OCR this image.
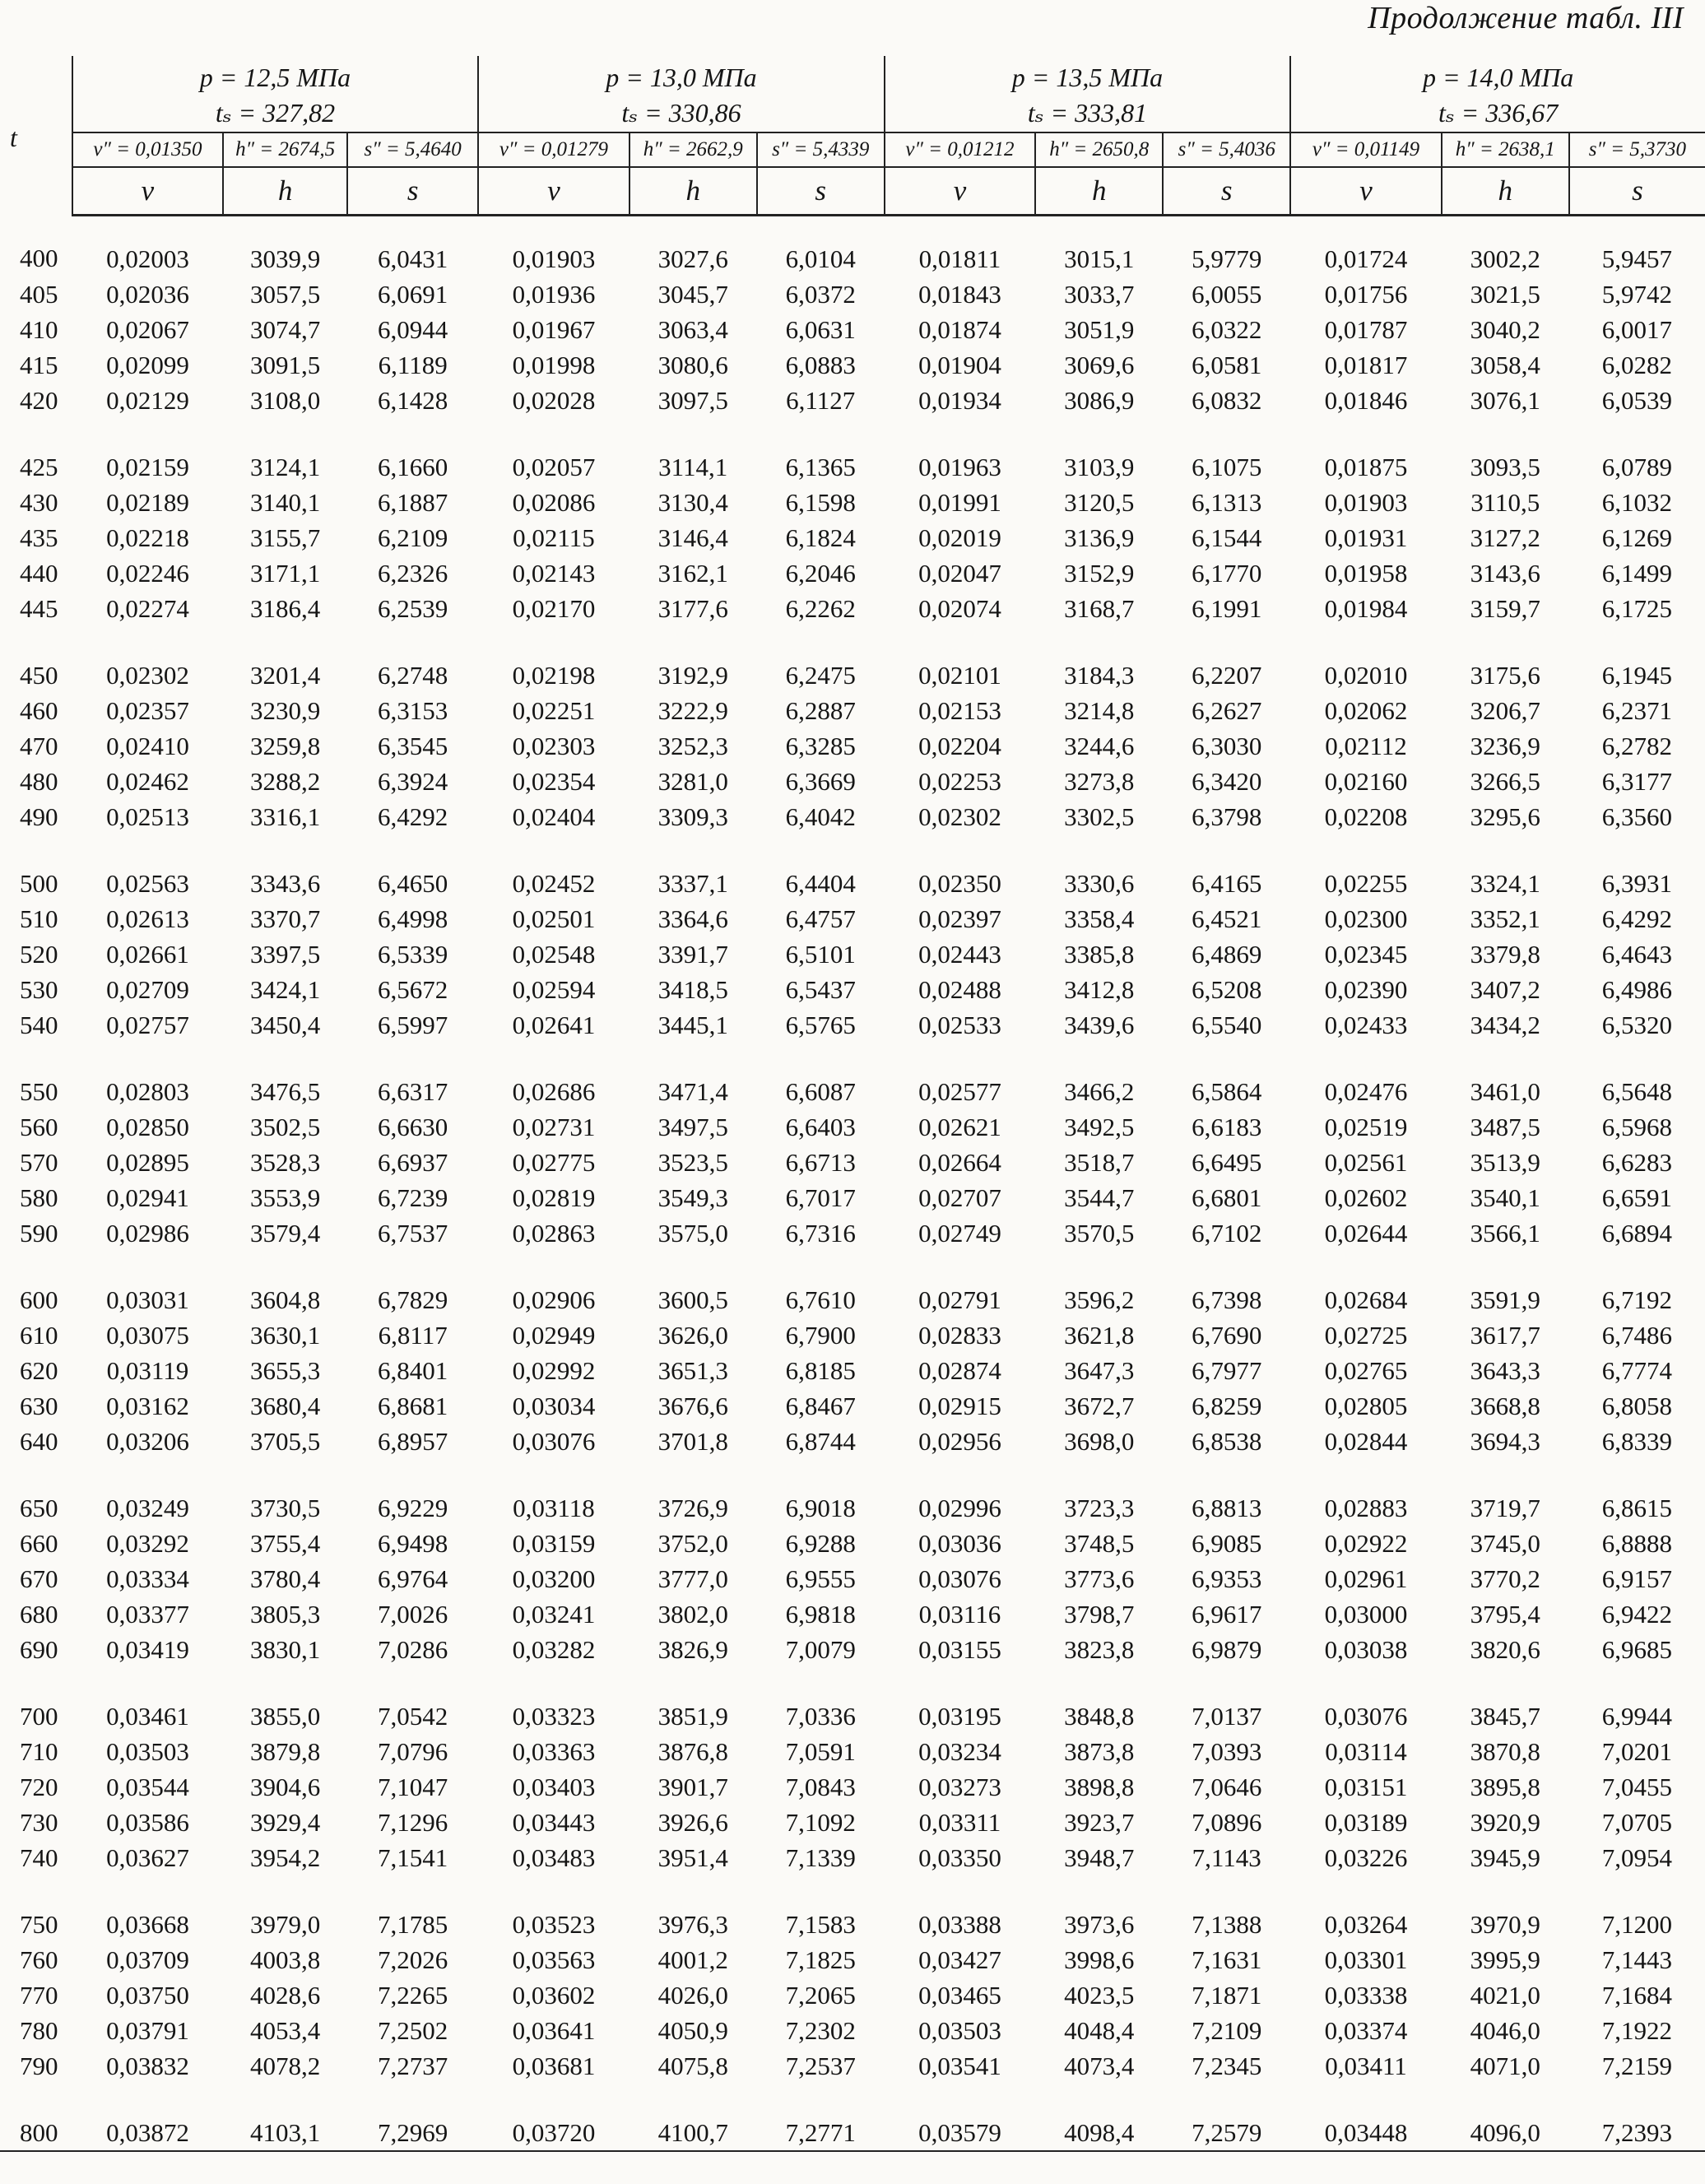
Продолжение табл. III
t	p = 12,5 МПа			p = 13,0 МПа			p = 13,5 МПа			p = 14,0 МПа		
	tₛ = 327,82			tₛ = 330,86			tₛ = 333,81			tₛ = 336,67		
	v″ = 0,01350	h″ = 2674,5	s″ = 5,4640	v″ = 0,01279	h″ = 2662,9	s″ = 5,4339	v″ = 0,01212	h″ = 2650,8	s″ = 5,4036	v″ = 0,01149	h″ = 2638,1	s″ = 5,3730
	v	h	s	v	h	s	v	h	s	v	h	s
400	0,02003	3039,9	6,0431	0,01903	3027,6	6,0104	0,01811	3015,1	5,9779	0,01724	3002,2	5,9457
405	0,02036	3057,5	6,0691	0,01936	3045,7	6,0372	0,01843	3033,7	6,0055	0,01756	3021,5	5,9742
410	0,02067	3074,7	6,0944	0,01967	3063,4	6,0631	0,01874	3051,9	6,0322	0,01787	3040,2	6,0017
415	0,02099	3091,5	6,1189	0,01998	3080,6	6,0883	0,01904	3069,6	6,0581	0,01817	3058,4	6,0282
420	0,02129	3108,0	6,1428	0,02028	3097,5	6,1127	0,01934	3086,9	6,0832	0,01846	3076,1	6,0539
425	0,02159	3124,1	6,1660	0,02057	3114,1	6,1365	0,01963	3103,9	6,1075	0,01875	3093,5	6,0789
430	0,02189	3140,1	6,1887	0,02086	3130,4	6,1598	0,01991	3120,5	6,1313	0,01903	3110,5	6,1032
435	0,02218	3155,7	6,2109	0,02115	3146,4	6,1824	0,02019	3136,9	6,1544	0,01931	3127,2	6,1269
440	0,02246	3171,1	6,2326	0,02143	3162,1	6,2046	0,02047	3152,9	6,1770	0,01958	3143,6	6,1499
445	0,02274	3186,4	6,2539	0,02170	3177,6	6,2262	0,02074	3168,7	6,1991	0,01984	3159,7	6,1725
450	0,02302	3201,4	6,2748	0,02198	3192,9	6,2475	0,02101	3184,3	6,2207	0,02010	3175,6	6,1945
460	0,02357	3230,9	6,3153	0,02251	3222,9	6,2887	0,02153	3214,8	6,2627	0,02062	3206,7	6,2371
470	0,02410	3259,8	6,3545	0,02303	3252,3	6,3285	0,02204	3244,6	6,3030	0,02112	3236,9	6,2782
480	0,02462	3288,2	6,3924	0,02354	3281,0	6,3669	0,02253	3273,8	6,3420	0,02160	3266,5	6,3177
490	0,02513	3316,1	6,4292	0,02404	3309,3	6,4042	0,02302	3302,5	6,3798	0,02208	3295,6	6,3560
500	0,02563	3343,6	6,4650	0,02452	3337,1	6,4404	0,02350	3330,6	6,4165	0,02255	3324,1	6,3931
510	0,02613	3370,7	6,4998	0,02501	3364,6	6,4757	0,02397	3358,4	6,4521	0,02300	3352,1	6,4292
520	0,02661	3397,5	6,5339	0,02548	3391,7	6,5101	0,02443	3385,8	6,4869	0,02345	3379,8	6,4643
530	0,02709	3424,1	6,5672	0,02594	3418,5	6,5437	0,02488	3412,8	6,5208	0,02390	3407,2	6,4986
540	0,02757	3450,4	6,5997	0,02641	3445,1	6,5765	0,02533	3439,6	6,5540	0,02433	3434,2	6,5320
550	0,02803	3476,5	6,6317	0,02686	3471,4	6,6087	0,02577	3466,2	6,5864	0,02476	3461,0	6,5648
560	0,02850	3502,5	6,6630	0,02731	3497,5	6,6403	0,02621	3492,5	6,6183	0,02519	3487,5	6,5968
570	0,02895	3528,3	6,6937	0,02775	3523,5	6,6713	0,02664	3518,7	6,6495	0,02561	3513,9	6,6283
580	0,02941	3553,9	6,7239	0,02819	3549,3	6,7017	0,02707	3544,7	6,6801	0,02602	3540,1	6,6591
590	0,02986	3579,4	6,7537	0,02863	3575,0	6,7316	0,02749	3570,5	6,7102	0,02644	3566,1	6,6894
600	0,03031	3604,8	6,7829	0,02906	3600,5	6,7610	0,02791	3596,2	6,7398	0,02684	3591,9	6,7192
610	0,03075	3630,1	6,8117	0,02949	3626,0	6,7900	0,02833	3621,8	6,7690	0,02725	3617,7	6,7486
620	0,03119	3655,3	6,8401	0,02992	3651,3	6,8185	0,02874	3647,3	6,7977	0,02765	3643,3	6,7774
630	0,03162	3680,4	6,8681	0,03034	3676,6	6,8467	0,02915	3672,7	6,8259	0,02805	3668,8	6,8058
640	0,03206	3705,5	6,8957	0,03076	3701,8	6,8744	0,02956	3698,0	6,8538	0,02844	3694,3	6,8339
650	0,03249	3730,5	6,9229	0,03118	3726,9	6,9018	0,02996	3723,3	6,8813	0,02883	3719,7	6,8615
660	0,03292	3755,4	6,9498	0,03159	3752,0	6,9288	0,03036	3748,5	6,9085	0,02922	3745,0	6,8888
670	0,03334	3780,4	6,9764	0,03200	3777,0	6,9555	0,03076	3773,6	6,9353	0,02961	3770,2	6,9157
680	0,03377	3805,3	7,0026	0,03241	3802,0	6,9818	0,03116	3798,7	6,9617	0,03000	3795,4	6,9422
690	0,03419	3830,1	7,0286	0,03282	3826,9	7,0079	0,03155	3823,8	6,9879	0,03038	3820,6	6,9685
700	0,03461	3855,0	7,0542	0,03323	3851,9	7,0336	0,03195	3848,8	7,0137	0,03076	3845,7	6,9944
710	0,03503	3879,8	7,0796	0,03363	3876,8	7,0591	0,03234	3873,8	7,0393	0,03114	3870,8	7,0201
720	0,03544	3904,6	7,1047	0,03403	3901,7	7,0843	0,03273	3898,8	7,0646	0,03151	3895,8	7,0455
730	0,03586	3929,4	7,1296	0,03443	3926,6	7,1092	0,03311	3923,7	7,0896	0,03189	3920,9	7,0705
740	0,03627	3954,2	7,1541	0,03483	3951,4	7,1339	0,03350	3948,7	7,1143	0,03226	3945,9	7,0954
750	0,03668	3979,0	7,1785	0,03523	3976,3	7,1583	0,03388	3973,6	7,1388	0,03264	3970,9	7,1200
760	0,03709	4003,8	7,2026	0,03563	4001,2	7,1825	0,03427	3998,6	7,1631	0,03301	3995,9	7,1443
770	0,03750	4028,6	7,2265	0,03602	4026,0	7,2065	0,03465	4023,5	7,1871	0,03338	4021,0	7,1684
780	0,03791	4053,4	7,2502	0,03641	4050,9	7,2302	0,03503	4048,4	7,2109	0,03374	4046,0	7,1922
790	0,03832	4078,2	7,2737	0,03681	4075,8	7,2537	0,03541	4073,4	7,2345	0,03411	4071,0	7,2159
800	0,03872	4103,1	7,2969	0,03720	4100,7	7,2771	0,03579	4098,4	7,2579	0,03448	4096,0	7,2393
